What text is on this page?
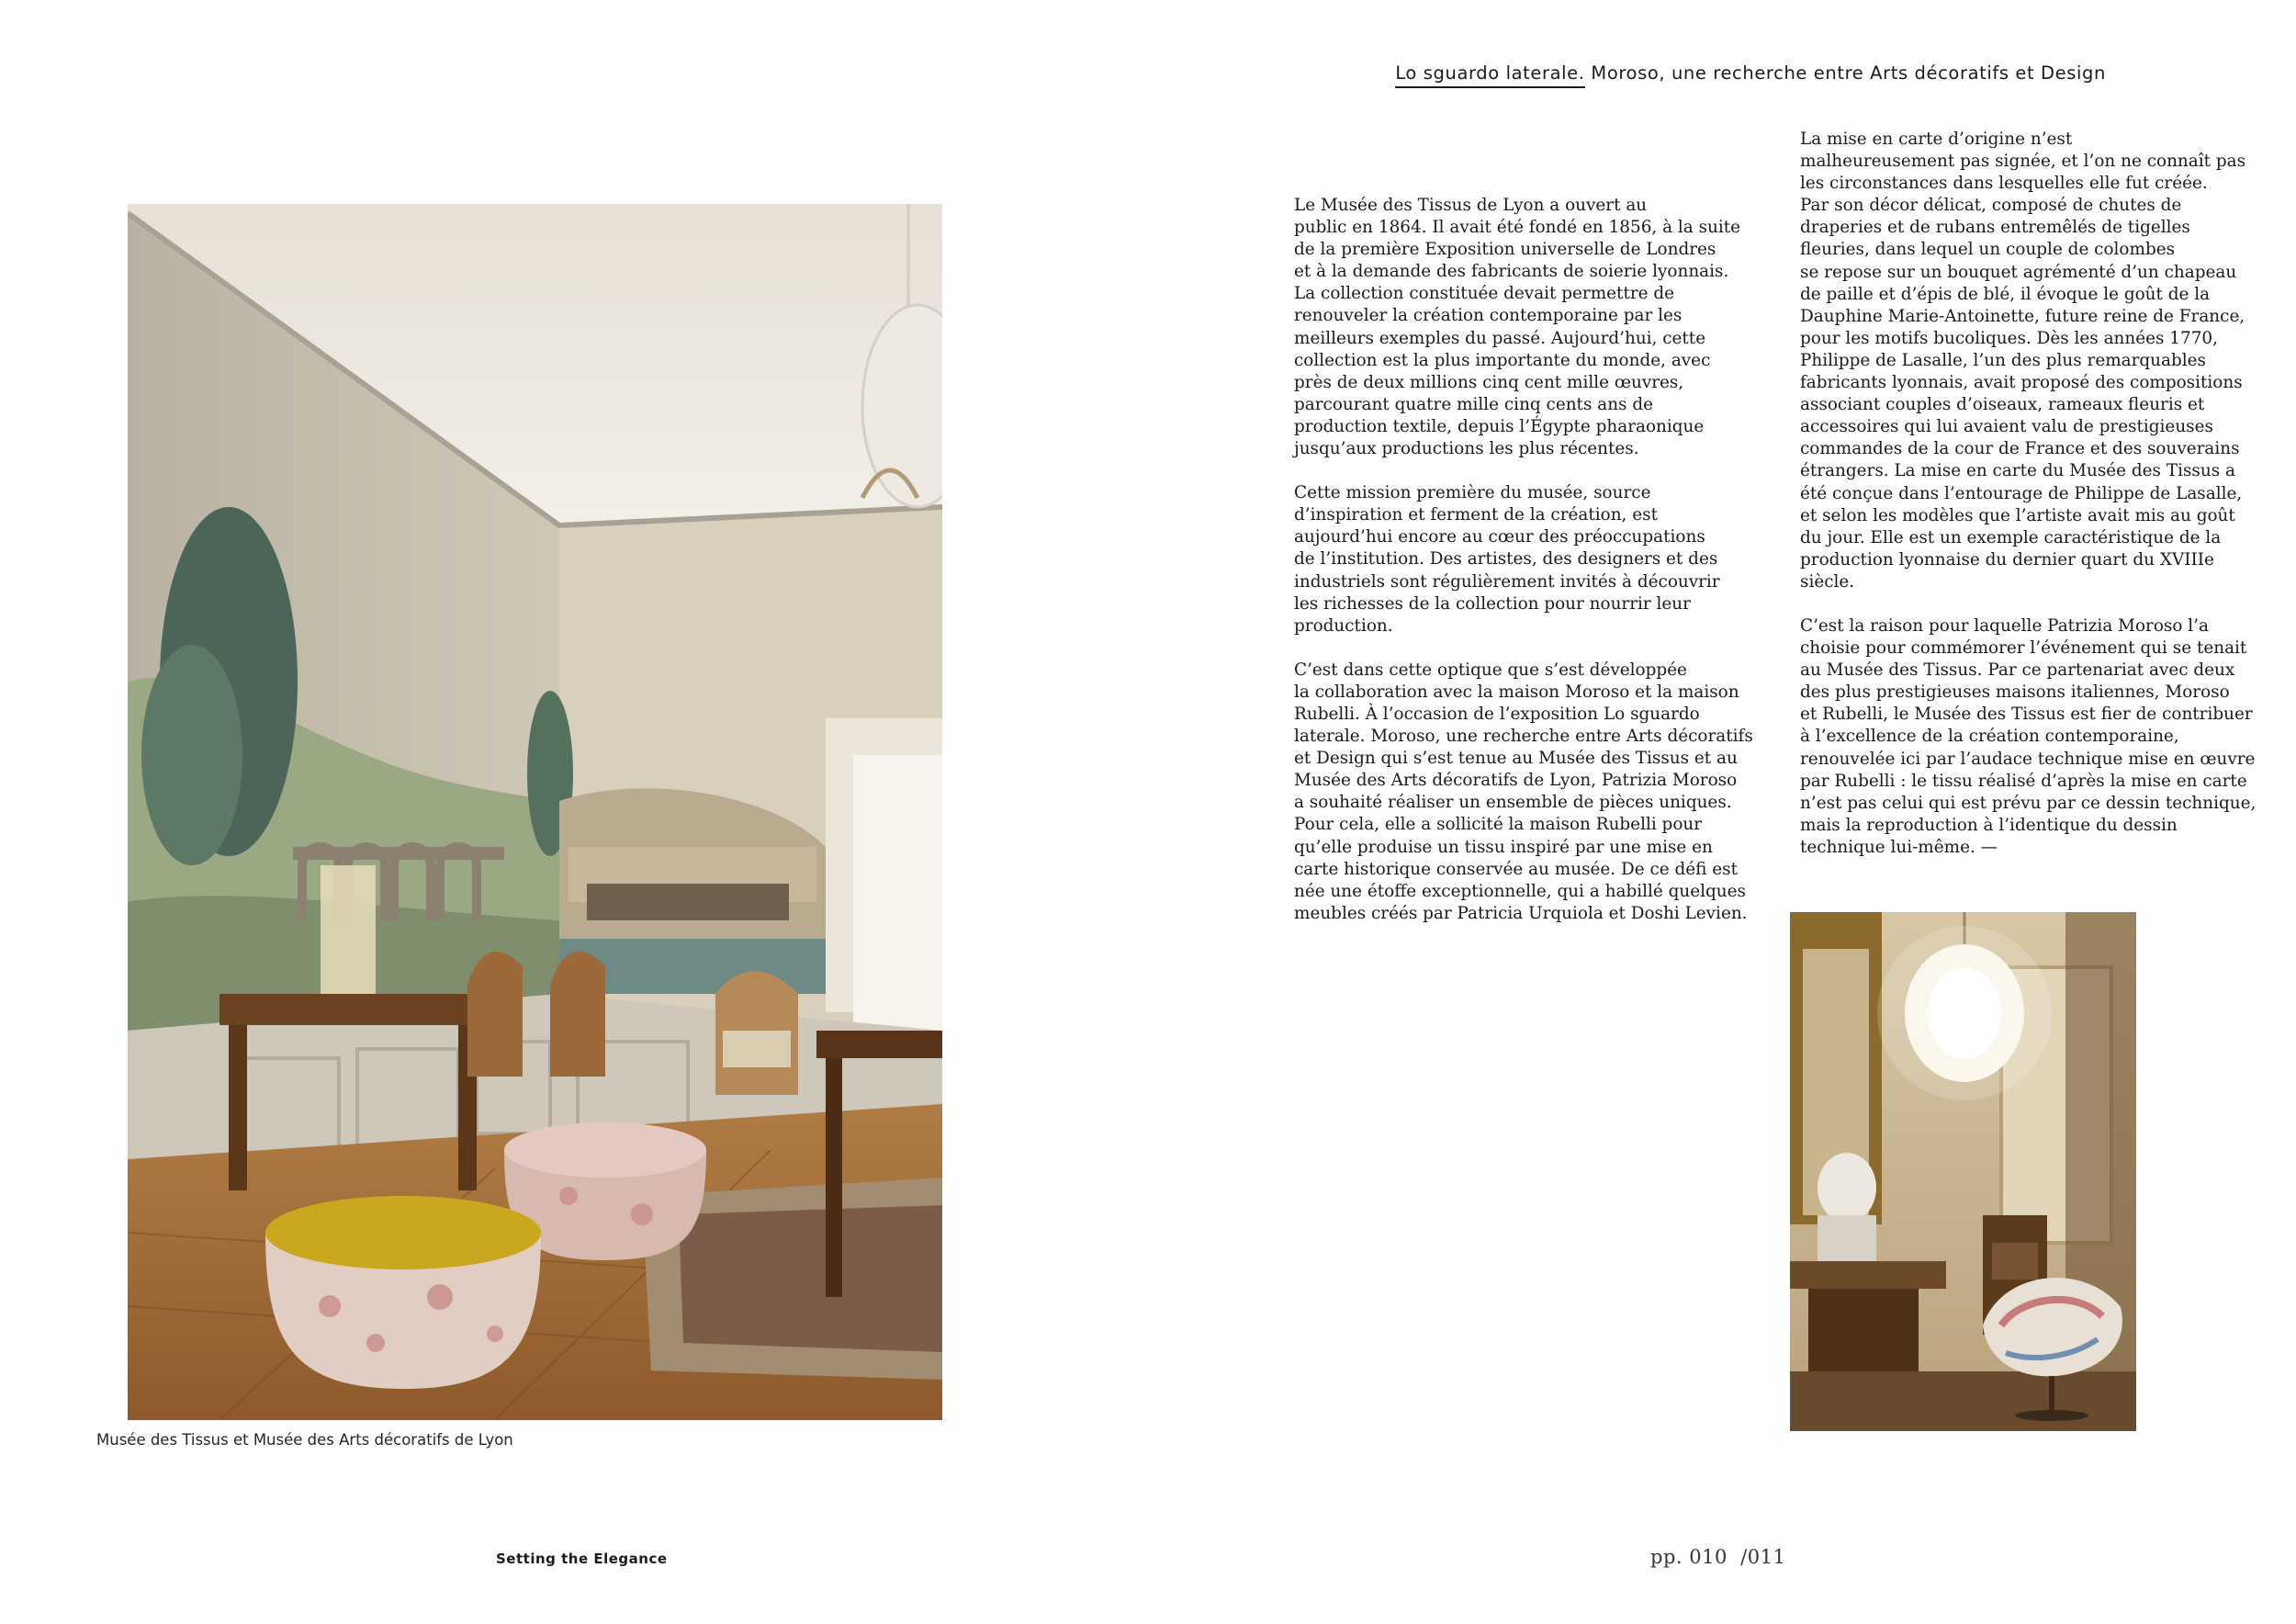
Musée des Tissus et Musée des Arts décoratifs de Lyon
Setting the Elegance
Lo sguardo laterale. Moroso, une recherche entre Arts décoratifs et Design

Le Musée des Tissus de Lyon a ouvert au
public en 1864. Il avait été fondé en 1856, à la suite
de la première Exposition universelle de Londres
et à la demande des fabricants de soierie lyonnais.
La collection constituée devait permettre de
renouveler la création contemporaine par les
meilleurs exemples du passé. Aujourd’hui, cette
collection est la plus importante du monde, avec
près de deux millions cinq cent mille œuvres,
parcourant quatre mille cinq cents ans de
production textile, depuis l’Égypte pharaonique
jusqu’aux productions les plus récentes.

Cette mission première du musée, source
d’inspiration et ferment de la création, est
aujourd’hui encore au cœur des préoccupations
de l’institution. Des artistes, des designers et des
industriels sont régulièrement invités à découvrir
les richesses de la collection pour nourrir leur
production.

C’est dans cette optique que s’est développée
la collaboration avec la maison Moroso et la maison
Rubelli. À l’occasion de l’exposition Lo sguardo
laterale. Moroso, une recherche entre Arts décoratifs
et Design qui s’est tenue au Musée des Tissus et au
Musée des Arts décoratifs de Lyon, Patrizia Moroso
a souhaité réaliser un ensemble de pièces uniques.
Pour cela, elle a sollicité la maison Rubelli pour
qu’elle produise un tissu inspiré par une mise en
carte historique conservée au musée. De ce défi est
née une étoffe exceptionnelle, qui a habillé quelques
meubles créés par Patricia Urquiola et Doshi Levien.

La mise en carte d’origine n’est
malheureusement pas signée, et l’on ne connaît pas
les circonstances dans lesquelles elle fut créée.
Par son décor délicat, composé de chutes de
draperies et de rubans entremêlés de tigelles
fleuries, dans lequel un couple de colombes
se repose sur un bouquet agrémenté d’un chapeau
de paille et d’épis de blé, il évoque le goût de la
Dauphine Marie-Antoinette, future reine de France,
pour les motifs bucoliques. Dès les années 1770,
Philippe de Lasalle, l’un des plus remarquables
fabricants lyonnais, avait proposé des compositions
associant couples d’oiseaux, rameaux fleuris et
accessoires qui lui avaient valu de prestigieuses
commandes de la cour de France et des souverains
étrangers. La mise en carte du Musée des Tissus a
été conçue dans l’entourage de Philippe de Lasalle,
et selon les modèles que l’artiste avait mis au goût
du jour. Elle est un exemple caractéristique de la
production lyonnaise du dernier quart du XVIIIe
siècle.

C’est la raison pour laquelle Patrizia Moroso l’a
choisie pour commémorer l’événement qui se tenait
au Musée des Tissus. Par ce partenariat avec deux
des plus prestigieuses maisons italiennes, Moroso
et Rubelli, le Musée des Tissus est fier de contribuer
à l’excellence de la création contemporaine,
renouvelée ici par l’audace technique mise en œuvre
par Rubelli : le tissu réalisé d’après la mise en carte
n’est pas celui qui est prévu par ce dessin technique,
mais la reproduction à l’identique du dessin
technique lui-même. —

pp. 010  /011
